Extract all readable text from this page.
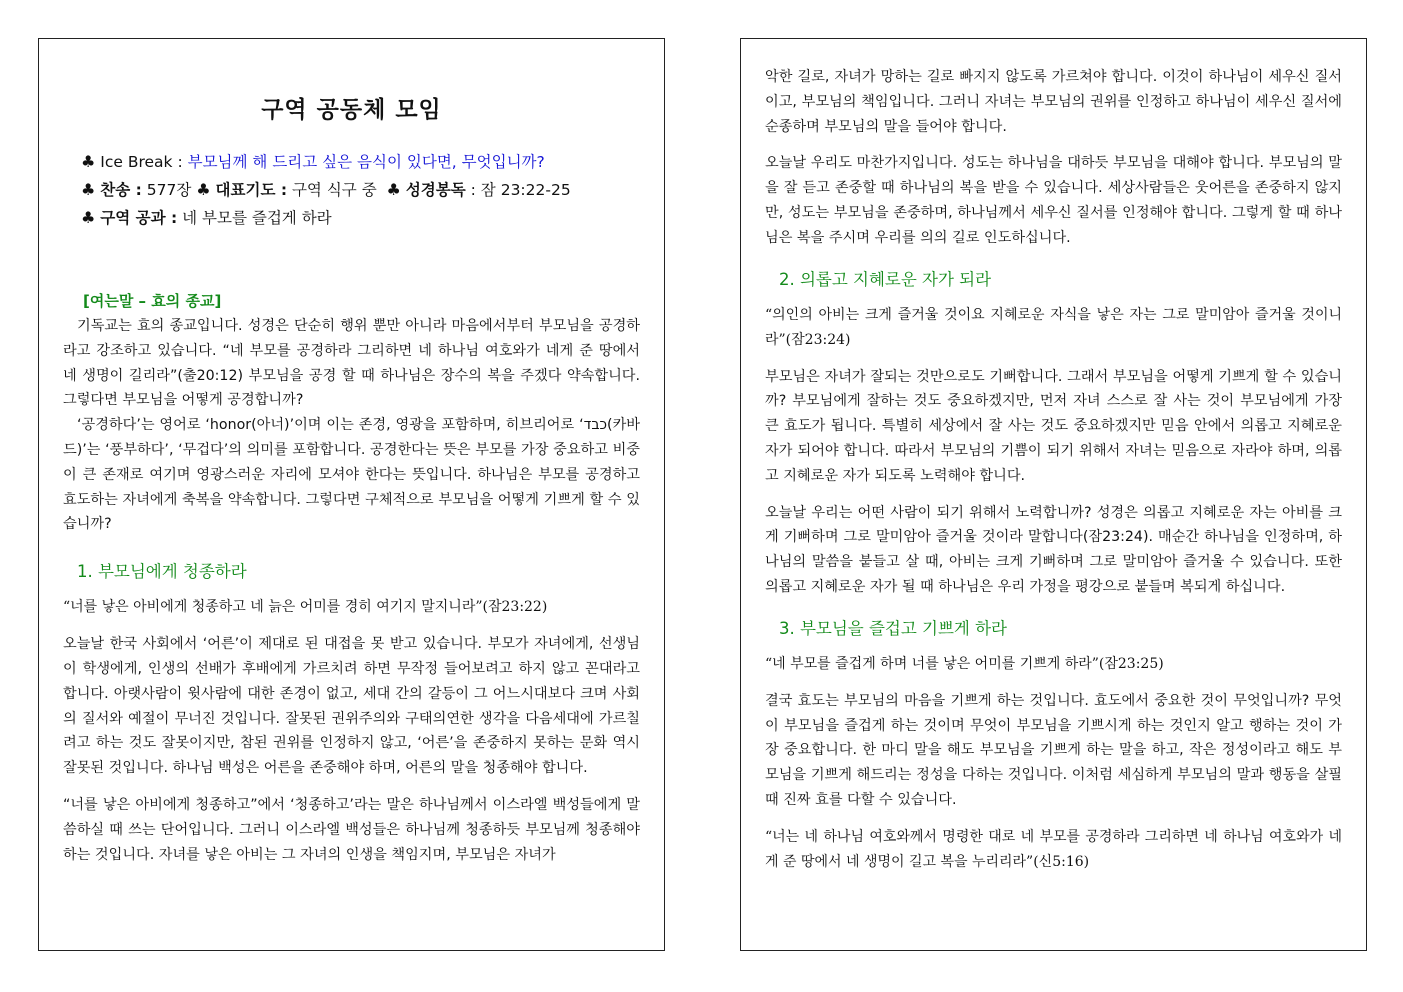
구역 공동체 모임
♣ Ice Break : 부모님께 해 드리고 싶은 음식이 있다면, 무엇입니까?
♣ 찬송 : 577장 ♣ 대표기도 : 구역 식구 중  ♣ 성경봉독 : 잠 23:22-25
♣ 구역 공과 : 네 부모를 즐겁게 하라
[여는말 – 효의 종교]

기독교는 효의 종교입니다. 성경은 단순히 행위 뿐만 아니라 마음에서부터 부모님을 공경하라고 강조하고 있습니다. “네 부모를 공경하라 그리하면 네 하나님 여호와가 네게 준 땅에서 네 생명이 길리라”(출20:12) 부모님을 공경 할 때 하나님은 장수의 복을 주겠다 약속합니다. 그렇다면 부모님을 어떻게 공경합니까?

‘공경하다’는 영어로 ‘honor(아너)’이며 이는 존경, 영광을 포함하며, 히브리어로 ‘כבד(카바드)’는 ‘풍부하다’, ‘무겁다’의 의미를 포함합니다. 공경한다는 뜻은 부모를 가장 중요하고 비중이 큰 존재로 여기며 영광스러운 자리에 모셔야 한다는 뜻입니다. 하나님은 부모를 공경하고 효도하는 자녀에게 축복을 약속합니다. 그렇다면 구체적으로 부모님을 어떻게 기쁘게 할 수 있습니까?

1. 부모님에게 청종하라
“너를 낳은 아비에게 청종하고 네 늙은 어미를 경히 여기지 말지니라”(잠23:22)

오늘날 한국 사회에서 ‘어른’이 제대로 된 대접을 못 받고 있습니다. 부모가 자녀에게, 선생님이 학생에게, 인생의 선배가 후배에게 가르치려 하면 무작정 들어보려고 하지 않고 꼰대라고 합니다. 아랫사람이 윗사람에 대한 존경이 없고, 세대 간의 갈등이 그 어느시대보다 크며 사회의 질서와 예절이 무너진 것입니다. 잘못된 권위주의와 구태의연한 생각을 다음세대에 가르칠려고 하는 것도 잘못이지만, 참된 권위를 인정하지 않고, ‘어른’을 존중하지 못하는 문화 역시 잘못된 것입니다. 하나님 백성은 어른을 존중해야 하며, 어른의 말을 청종해야 합니다.

“너를 낳은 아비에게 청종하고”에서 ‘청종하고’라는 말은 하나님께서 이스라엘 백성들에게 말씀하실 때 쓰는 단어입니다. 그러니 이스라엘 백성들은 하나님께 청종하듯 부모님께 청종해야 하는 것입니다. 자녀를 낳은 아비는 그 자녀의 인생을 책임지며, 부모님은 자녀가

악한 길로, 자녀가 망하는 길로 빠지지 않도록 가르쳐야 합니다. 이것이 하나님이 세우신 질서이고, 부모님의 책임입니다. 그러니 자녀는 부모님의 권위를 인정하고 하나님이 세우신 질서에 순종하며 부모님의 말을 들어야 합니다.

오늘날 우리도 마찬가지입니다. 성도는 하나님을 대하듯 부모님을 대해야 합니다. 부모님의 말을 잘 듣고 존중할 때 하나님의 복을 받을 수 있습니다. 세상사람들은 웃어른을 존중하지 않지만, 성도는 부모님을 존중하며, 하나님께서 세우신 질서를 인정해야 합니다. 그렇게 할 때 하나님은 복을 주시며 우리를 의의 길로 인도하십니다.

2. 의롭고 지혜로운 자가 되라
“의인의 아비는 크게 즐거울 것이요 지혜로운 자식을 낳은 자는 그로 말미암아 즐거울 것이니라”(잠23:24)

부모님은 자녀가 잘되는 것만으로도 기뻐합니다. 그래서 부모님을 어떻게 기쁘게 할 수 있습니까? 부모님에게 잘하는 것도 중요하겠지만, 먼저 자녀 스스로 잘 사는 것이 부모님에게 가장 큰 효도가 됩니다. 특별히 세상에서 잘 사는 것도 중요하겠지만 믿음 안에서 의롭고 지혜로운 자가 되어야 합니다. 따라서 부모님의 기쁨이 되기 위해서 자녀는 믿음으로 자라야 하며, 의롭고 지혜로운 자가 되도록 노력해야 합니다.

오늘날 우리는 어떤 사람이 되기 위해서 노력합니까? 성경은 의롭고 지혜로운 자는 아비를 크게 기뻐하며 그로 말미암아 즐거울 것이라 말합니다(잠23:24). 매순간 하나님을 인정하며, 하나님의 말씀을 붙들고 살 때, 아비는 크게 기뻐하며 그로 말미암아 즐거울 수 있습니다. 또한 의롭고 지혜로운 자가 될 때 하나님은 우리 가정을 평강으로 붙들며 복되게 하십니다.

3. 부모님을 즐겁고 기쁘게 하라
“네 부모를 즐겁게 하며 너를 낳은 어미를 기쁘게 하라”(잠23:25)

결국 효도는 부모님의 마음을 기쁘게 하는 것입니다. 효도에서 중요한 것이 무엇입니까? 무엇이 부모님을 즐겁게 하는 것이며 무엇이 부모님을 기쁘시게 하는 것인지 알고 행하는 것이 가장 중요합니다. 한 마디 말을 해도 부모님을 기쁘게 하는 말을 하고, 작은 정성이라고 해도 부모님을 기쁘게 해드리는 정성을 다하는 것입니다. 이처럼 세심하게 부모님의 말과 행동을 살필 때 진짜 효를 다할 수 있습니다.

“너는 네 하나님 여호와께서 명령한 대로 네 부모를 공경하라 그리하면 네 하나님 여호와가 네게 준 땅에서 네 생명이 길고 복을 누리리라”(신5:16)
